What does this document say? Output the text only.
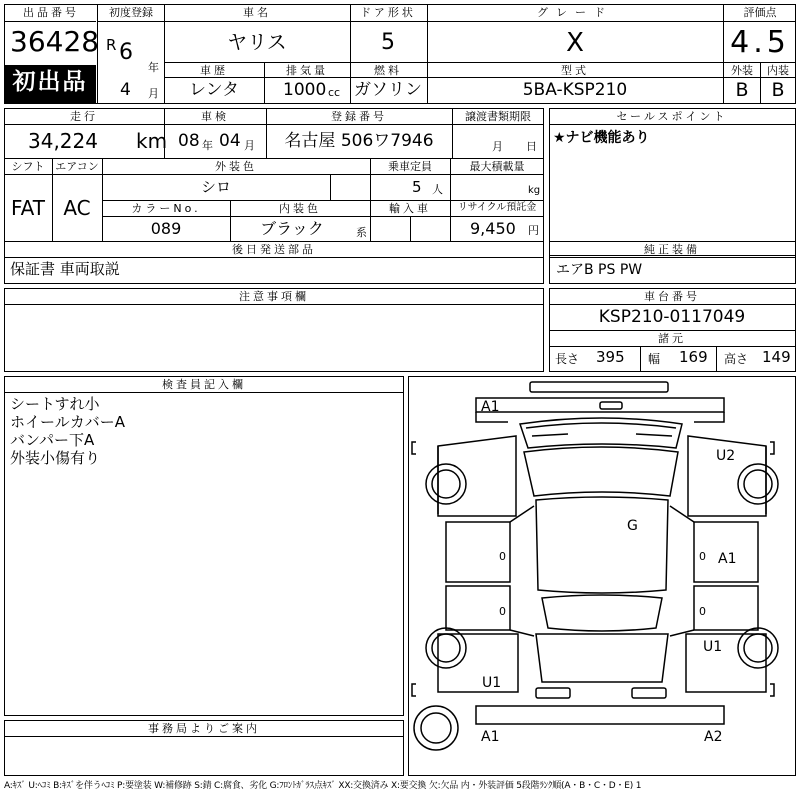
出品番号
36428
初出品
初度登録
R 6
年
4 月
車名
ヤリス
車歴
レンタ
排気量
1000 cc
ドア形状
5
燃料
ガソリン
グレード
X
型式
5BA-KSP210
評価点
4.5
外装
B
内装
B
走行
34,224 km
車検
08 年 04 月
登録番号
名古屋 506ワ7946
譲渡書類期限
月 日
シフト
FAT
エアコン
AC
外装色
シロ
乗車定員
5 人
最大積載量
kg
カラーNo.
089
内装色
ブラック	系
輸入車	リサイクル預託金
9,450 円
後日発送部品
保証書 車両取説
セールスポイント
★ナビ機能あり
純正装備
エアB PS PW
注意事項欄	車台番号
KSP210-0117049
諸元
長さ 395 幅 169 高さ 149
検査員記入欄
シートすれ小
ホイールカバーA
バンパー下A
外装小傷有り
事務局よりご案内
A1
U2
G
A1
U1
U1
A1	A2
0
0
0
0
A:ｷｽﾞ U:ﾍｺﾐ B:ｷｽﾞを伴うﾍｺﾐ P:要塗装 W:補修跡 S:錆 C:腐食、劣化 G:ﾌﾛﾝﾄｶﾞﾗｽ点ｷｽﾞ XX:交換済み X:要交換 欠:欠品 内・外装評価 5段階ﾗﾝｸ順(A・B・C・D・E) 1
